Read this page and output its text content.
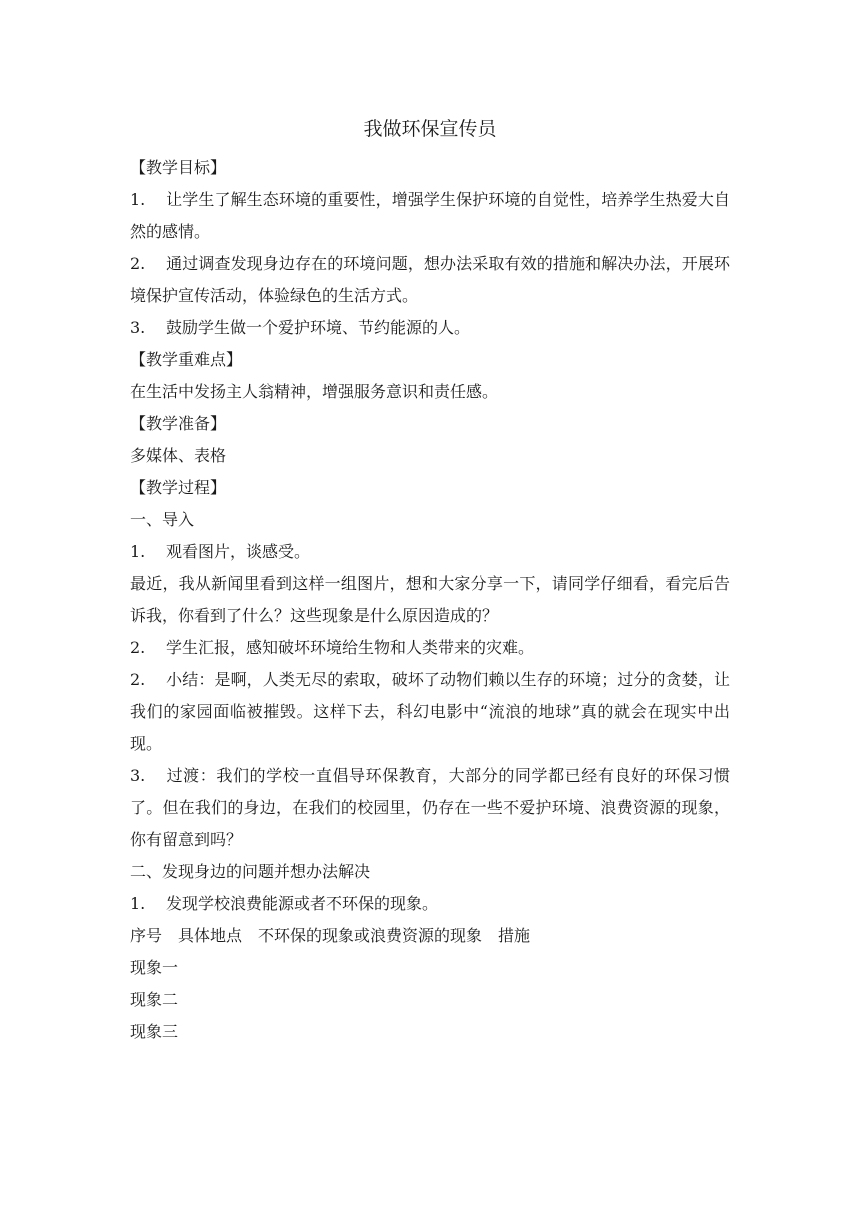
我做环保宣传员
【教学目标】
1. 让学生了解生态环境的重要性，增强学生保护环境的自觉性，培养学生热爱大自然的感情。
2. 通过调查发现身边存在的环境问题，想办法采取有效的措施和解决办法，开展环境保护宣传活动，体验绿色的生活方式。
3. 鼓励学生做一个爱护环境、节约能源的人。
【教学重难点】
在生活中发扬主人翁精神，增强服务意识和责任感。
【教学准备】
多媒体、表格
【教学过程】
一、导入
1. 观看图片，谈感受。
最近，我从新闻里看到这样一组图片，想和大家分享一下，请同学仔细看，看完后告诉我，你看到了什么？这些现象是什么原因造成的？
2. 学生汇报，感知破坏环境给生物和人类带来的灾难。
2. 小结：是啊，人类无尽的索取，破坏了动物们赖以生存的环境；过分的贪婪，让我们的家园面临被摧毁。这样下去，科幻电影中“流浪的地球”真的就会在现实中出现。
3. 过渡：我们的学校一直倡导环保教育，大部分的同学都已经有良好的环保习惯了。但在我们的身边，在我们的校园里，仍存在一些不爱护环境、浪费资源的现象，你有留意到吗？
二、发现身边的问题并想办法解决
1. 发现学校浪费能源或者不环保的现象。
序号 具体地点 不环保的现象或浪费资源的现象 措施
现象一
现象二
现象三
